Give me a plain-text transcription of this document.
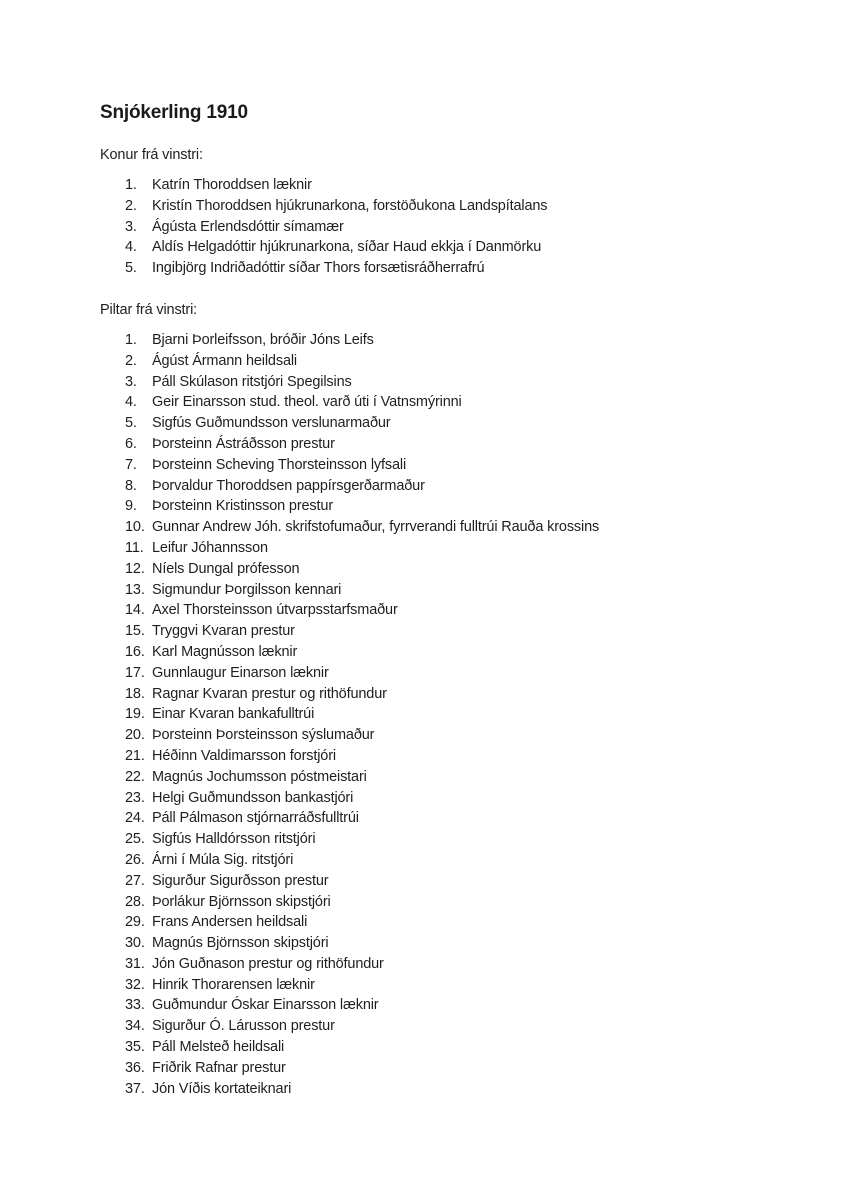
Snjókerling 1910

Konur frá vinstri:

1.	Katrín Thoroddsen læknir
2.	Kristín Thoroddsen hjúkrunarkona, forstöðukona Landspítalans
3.	Ágústa Erlendsdóttir símamær
4.	Aldís Helgadóttir hjúkrunarkona, síðar Haud ekkja í Danmörku
5.	Ingibjörg Indriðadóttir síðar Thors forsætisráðherrafrú

Piltar frá vinstri:

1.	Bjarni Þorleifsson, bróðir Jóns Leifs
2.	Ágúst Ármann heildsali
3.	Páll Skúlason ritstjóri Spegilsins
4.	Geir Einarsson stud. theol. varð úti í Vatnsmýrinni
5.	Sigfús Guðmundsson verslunarmaður
6.	Þorsteinn Ástráðsson prestur
7.	Þorsteinn Scheving Thorsteinsson lyfsali
8.	Þorvaldur Thoroddsen pappírsgerðarmaður
9.	Þorsteinn Kristinsson prestur
10. Gunnar Andrew Jóh. skrifstofumaður, fyrrverandi fulltrúi Rauða krossins
11. Leifur Jóhannsson
12. Níels Dungal prófesson
13. Sigmundur Þorgilsson kennari
14. Axel Thorsteinsson útvarpsstarfsmaður
15. Tryggvi Kvaran prestur
16. Karl Magnússon læknir
17. Gunnlaugur Einarson læknir
18. Ragnar Kvaran prestur og rithöfundur
19. Einar Kvaran bankafulltrúi
20. Þorsteinn Þorsteinsson sýslumaður
21. Héðinn Valdimarsson forstjóri
22. Magnús Jochumsson póstmeistari
23. Helgi Guðmundsson bankastjóri
24. Páll Pálmason stjórnarráðsfulltrúi
25. Sigfús Halldórsson ritstjóri
26. Árni í Múla Sig. ritstjóri
27. Sigurður Sigurðsson prestur
28. Þorlákur Björnsson skipstjóri
29. Frans Andersen heildsali
30. Magnús Björnsson skipstjóri
31. Jón Guðnason prestur og rithöfundur
32. Hinrik Thorarensen læknir
33. Guðmundur Óskar Einarsson læknir
34. Sigurður Ó. Lárusson prestur
35. Páll Melsteð heildsali
36. Friðrik Rafnar prestur
37. Jón Víðis kortateiknari
